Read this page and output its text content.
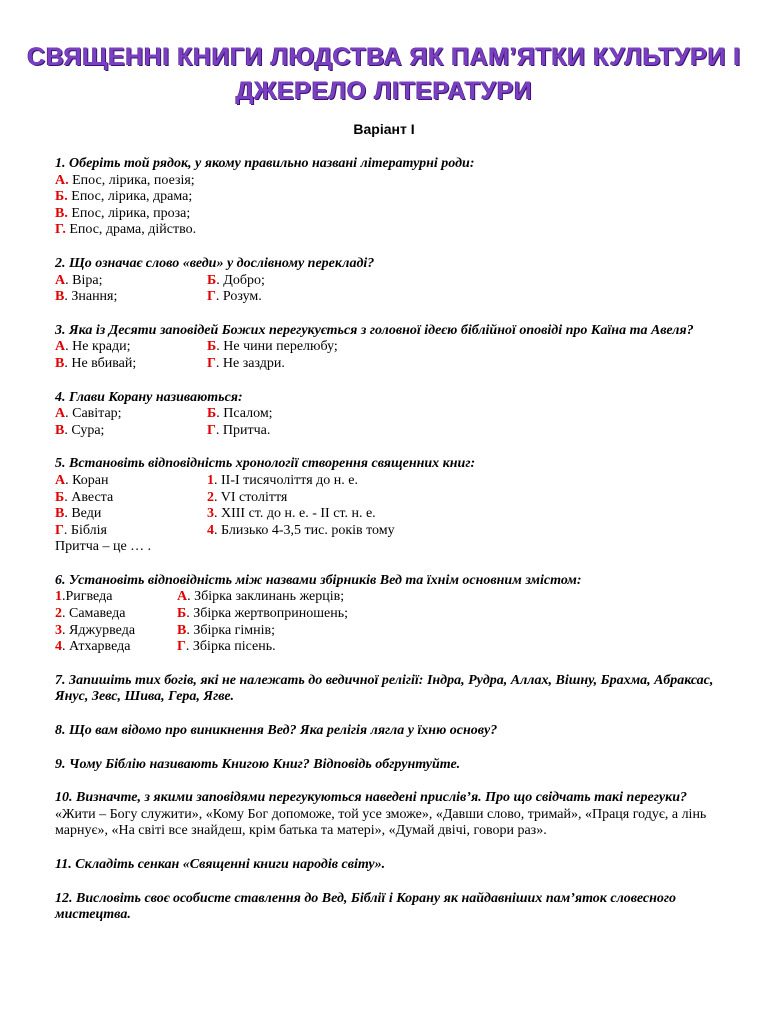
СВЯЩЕННІ КНИГИ ЛЮДСТВА ЯК ПАМ’ЯТКИ КУЛЬТУРИ І
ДЖЕРЕЛО ЛІТЕРАТУРИ
Варіант І
1. Оберіть той рядок, у якому правильно названі літературні роди:
А. Епос, лірика, поезія;
Б. Епос, лірика, драма;
В. Епос, лірика, проза;
Г. Епос, драма, дійство.
2. Що означає слово «веди» у дослівному перекладі?
А. Віра;	Б. Добро;
В. Знання;	Г. Розум.
3. Яка із Десяти заповідей Божих перегукується з головної ідеєю біблійної оповіді про Каїна та Авеля?
А. Не кради;	Б. Не чини перелюбу;
В. Не вбивай;	Г. Не заздри.
4. Глави Корану називаються:
А. Савітар;	Б. Псалом;
В. Сура;	Г. Притча.
5. Встановіть відповідність хронології створення священних книг:
А. Коран	1. ІІ-І тисячоліття до н. е.
Б. Авеста	2. VI століття
В. Веди	3. ХІІІ ст. до н. е. - ІІ ст. н. е.
Г. Біблія	4. Близько 4-3,5 тис. років тому
Притча – це … .
6. Установіть відповідність між назвами збірників Вед та їхнім основним змістом:
1.Ригведа	А. Збірка заклинань жерців;
2. Самаведа	Б. Збірка жертвоприношень;
3. Яджурведа	В. Збірка гімнів;
4. Атхарведа	Г. Збірка пісень.
7. Запишіть тих богів, які не належать до ведичної релігії: Індра, Рудра, Аллах, Вішну, Брахма, Абраксас, Янус, Зевс, Шива, Гера, Ягве.
8. Що вам відомо про виникнення Вед? Яка релігія лягла у їхню основу?
9. Чому Біблію називають Книгою Книг? Відповідь обгрунтуйте.
10. Визначте, з якими заповідями перегукуються наведені прислів’я. Про що свідчать такі перегуки?
«Жити – Богу служити», «Кому Бог допоможе, той усе зможе», «Давши слово, тримай», «Праця годує, а лінь марнує», «На світі все знайдеш, крім батька та матері», «Думай двічі, говори раз».
11. Складіть сенкан «Священні книги народів світу».
12. Висловіть своє особисте ставлення до Вед, Біблії і Корану як найдавніших пам’яток словесного мистецтва.
